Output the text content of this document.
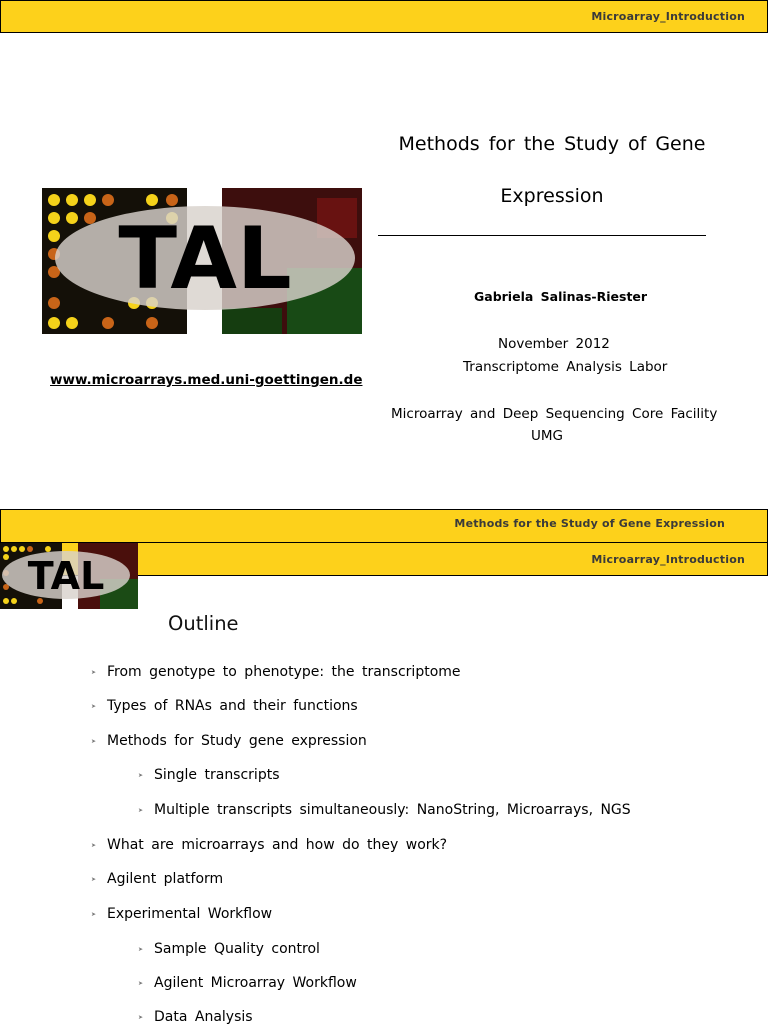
Microarray_Introduction
TAL
www.microarrays.med.uni-goettingen.de
Methods for the Study of Gene
Expression
Gabriela Salinas-Riester
November 2012
Transcriptome Analysis Labor
Microarray and Deep Sequencing Core Facility
UMG
Methods for the Study of Gene Expression
Microarray_Introduction
TAL
Outline
➤ From genotype to phenotype: the transcriptome
➤ Types of RNAs and their functions
➤ Methods for Study gene expression
➤ Single transcripts
➤ Multiple transcripts simultaneously: NanoString, Microarrays, NGS
➤ What are microarrays and how do they work?
➤ Agilent platform
➤ Experimental Workflow
➤ Sample Quality control
➤ Agilent Microarray Workflow
➤ Data Analysis
